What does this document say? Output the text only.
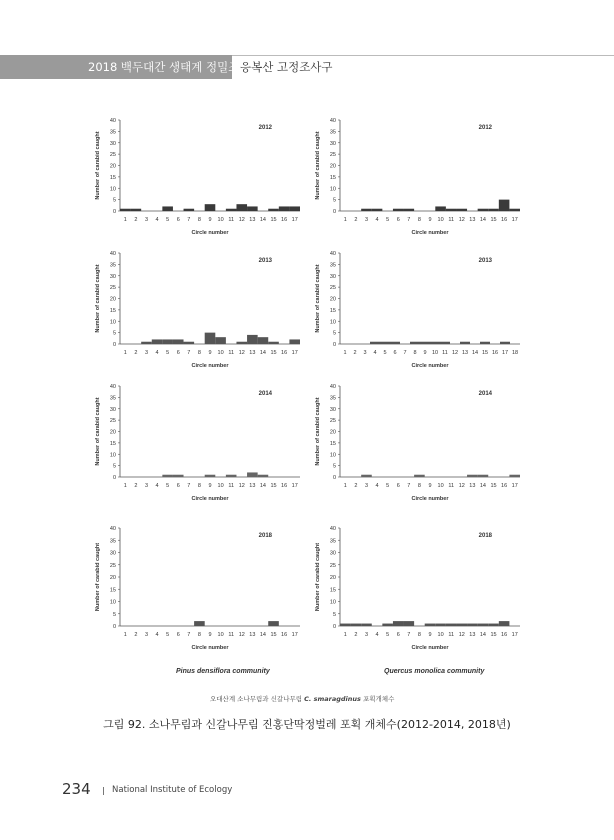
2018 백두대간 생태계 정밀조사
응복산 고정조사구
0
5
10
15
20
25
30
35
40
1 2 3 4 5 6 7 8 9 10 11 12 13 14 15 16 17
Circle number
Number of carabid caught
2012
0
5
10
15
20
25
30
35
40
1 2 3 4 5 6 7 8 9 10 11 12 13 14 15 16 17
Circle number
Number of carabid caught
2012
0
5
10
15
20
25
30
35
40
1 2 3 4 5 6 7 8 9 10 11 12 13 14 15 16 17
Circle number
Number of carabid caught
2013
0
5
10
15
20
25
30
35
40
1 2 3 4 5 6 7 8 9 10 11 12 13 14 15 16 17 18
Circle number
Number of carabid caught
2013
0
5
10
15
20
25
30
35
40
1 2 3 4 5 6 7 8 9 10 11 12 13 14 15 16 17
Circle number
Number of carabid caught
2014
0
5
10
15
20
25
30
35
40
1 2 3 4 5 6 7 8 9 10 11 12 13 14 15 16 17
Circle number
Number of carabid caught
2014
0
5
10
15
20
25
30
35
40
1 2 3 4 5 6 7 8 9 10 11 12 13 14 15 16 17
Circle number
Number of carabid caught
2018
0
5
10
15
20
25
30
35
40
1 2 3 4 5 6 7 8 9 10 11 12 13 14 15 16 17
Circle number
Number of carabid caught
2018
Pinus densiflora community	Quercus monolica community
오대산계 소나무림과 신갈나무림 C. smaragdinus 포획개체수
그림 92. 소나무림과 신갈나무림 진홍단딱정벌레 포획 개체수(2012-2014, 2018년)
234	National Institute of Ecology
